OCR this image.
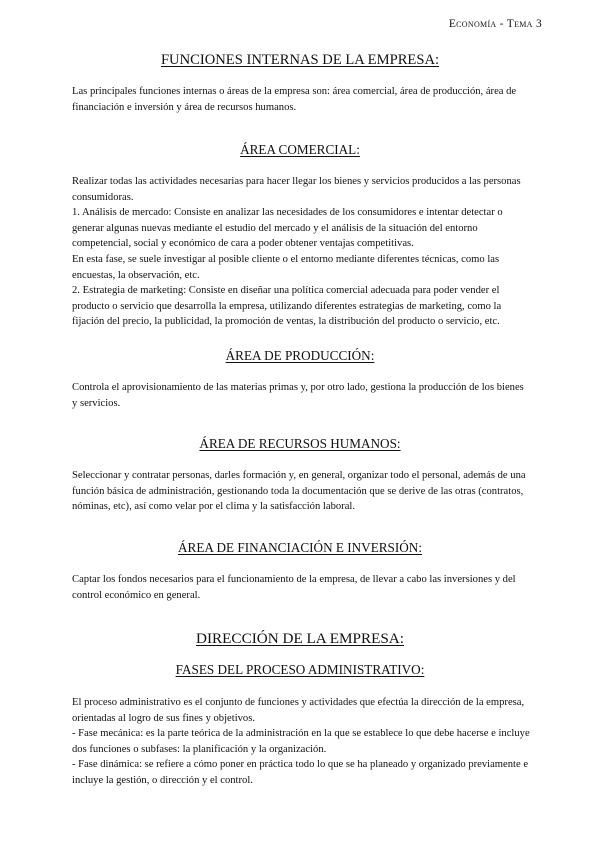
Economía - Tema 3
FUNCIONES INTERNAS DE LA EMPRESA:

Las principales funciones internas o áreas de la empresa son: área comercial, área de producción, área de financiación e inversión y área de recursos humanos.

ÁREA COMERCIAL:

Realizar todas las actividades necesarias para hacer llegar los bienes y servicios producidos a las personas consumidoras.

1. Análisis de mercado: Consiste en analizar las necesidades de los consumidores e intentar detectar o generar algunas nuevas mediante el estudio del mercado y el análisis de la situación del entorno competencial, social y económico de cara a poder obtener ventajas competitivas.

En esta fase, se suele investigar al posible cliente o el entorno mediante diferentes técnicas, como las encuestas, la observación, etc.

2. Estrategia de marketing: Consiste en diseñar una política comercial adecuada para poder vender el producto o servicio que desarrolla la empresa, utilizando diferentes estrategias de marketing, como la fijación del precio, la publicidad, la promoción de ventas, la distribución del producto o servicio, etc.

ÁREA DE PRODUCCIÓN:

Controla el aprovisionamiento de las materias primas y, por otro lado, gestiona la producción de los bienes y servicios.

ÁREA DE RECURSOS HUMANOS:

Seleccionar y contratar personas, darles formación y, en general, organizar todo el personal, además de una función básica de administración, gestionando toda la documentación que se derive de las otras (contratos, nóminas, etc), así como velar por el clima y la satisfacción laboral.

ÁREA DE FINANCIACIÓN E INVERSIÓN:

Captar los fondos necesarios para el funcionamiento de la empresa, de llevar a cabo las inversiones y del control económico en general.

DIRECCIÓN DE LA EMPRESA:
FASES DEL PROCESO ADMINISTRATIVO:

El proceso administrativo es el conjunto de funciones y actividades que efectúa la dirección de la empresa, orientadas al logro de sus fines y objetivos.

- Fase mecánica: es la parte teórica de la administración en la que se establece lo que debe hacerse e incluye dos funciones o subfases: la planificación y la organización.

- Fase dinámica: se refiere a cómo poner en práctica todo lo que se ha planeado y organizado previamente e incluye la gestión, o dirección y el control.
